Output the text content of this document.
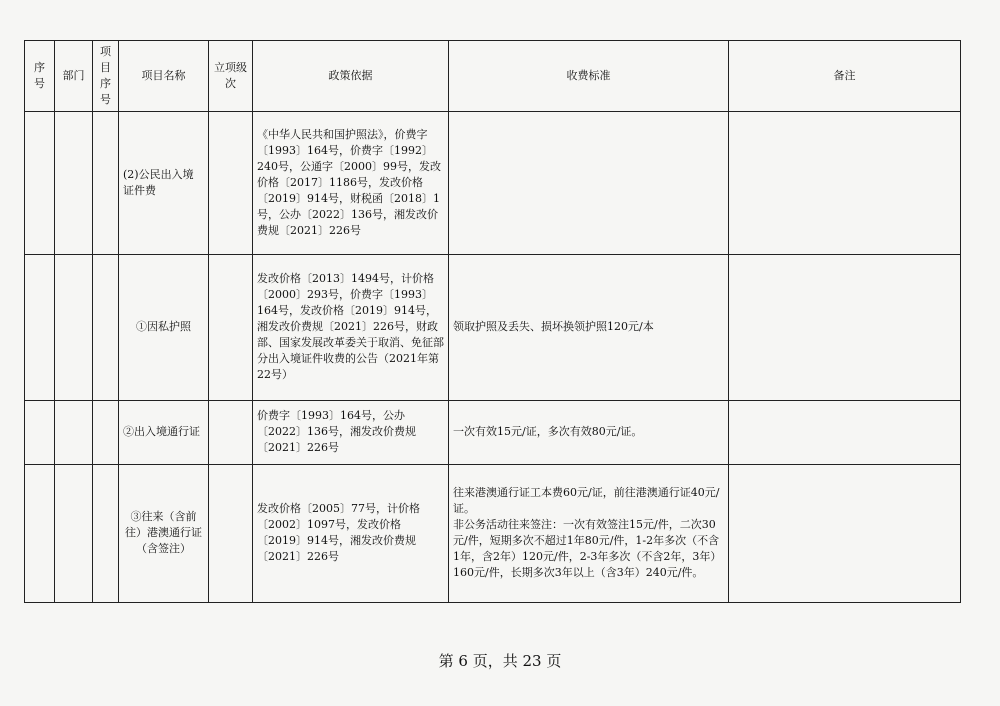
序号	部门	项目序号	项目名称	立项级次	政策依据	收费标准	备注
			(2)公民出入境证件费		《中华人民共和国护照法》，价费字〔1993〕164号，价费字〔1992〕240号，公通字〔2000〕99号，发改价格〔2017〕1186号，发改价格〔2019〕914号，财税函〔2018〕1号，公办〔2022〕136号，湘发改价费规〔2021〕226号		
			①因私护照		发改价格〔2013〕1494号，计价格〔2000〕293号，价费字〔1993〕164号，发改价格〔2019〕914号，湘发改价费规〔2021〕226号，财政部、国家发展改革委关于取消、免征部分出入境证件收费的公告（2021年第22号）	领取护照及丢失、损坏换领护照120元/本	
			②出入境通行证		价费字〔1993〕164号，公办〔2022〕136号，湘发改价费规〔2021〕226号	一次有效15元/证，多次有效80元/证。	
			③往来（含前往）港澳通行证（含签注）		发改价格〔2005〕77号，计价格〔2002〕1097号，发改价格〔2019〕914号，湘发改价费规〔2021〕226号	往来港澳通行证工本费60元/证，前往港澳通行证40元/证。
非公务活动往来签注：一次有效签注15元/件，二次30元/件，短期多次不超过1年80元/件，1-2年多次（不含1年，含2年）120元/件，2-3年多次（不含2年，3年）160元/件，长期多次3年以上（含3年）240元/件。	
第 6 页，共 23 页
